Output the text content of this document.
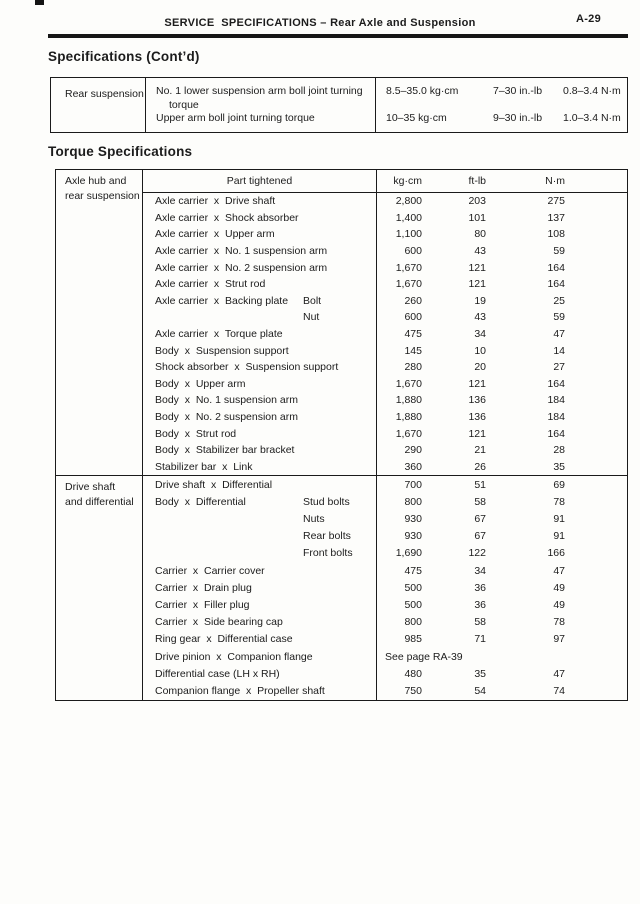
SERVICE  SPECIFICATIONS – Rear Axle and Suspension	A-29
Specifications (Cont’d)
Rear suspension No. 1 lower suspension arm boll joint turning
torque
8.5–35.0 kg·cm	7–30 in.-lb	0.8–3.4 N·m
Upper arm boll joint turning torque	10–35 kg·cm	9–30 in.-lb	1.0–3.4 N·m
Torque Specifications
Axle hub and
rear suspension
Part tightened	kg·cm	ft-lb	N·m
Axle carrier  x  Drive shaft	2,800	203	275
Axle carrier  x  Shock absorber	1,400	101	137
Axle carrier  x  Upper arm	1,100	80	108
Axle carrier  x  No. 1 suspension arm	600	43	59
Axle carrier  x  No. 2 suspension arm	1,670	121	164
Axle carrier  x  Strut rod	1,670	121	164
Axle carrier  x  Backing plate Bolt	260	19	25
Nut	600	43	59
Axle carrier  x  Torque plate	475	34	47
Body  x  Suspension support	145	10	14
Shock absorber  x  Suspension support	280	20	27
Body  x  Upper arm	1,670	121	164
Body  x  No. 1 suspension arm	1,880	136	184
Body  x  No. 2 suspension arm	1,880	136	184
Body  x  Strut rod	1,670	121	164
Body  x  Stabilizer bar bracket	290	21	28
Stabilizer bar  x  Link	360	26	35
Drive shaft
and differential
Drive shaft  x  Differential	700	51	69
Body  x  Differential	Stud bolts	800	58	78
Nuts	930	67	91
Rear bolts	930	67	91
Front bolts	1,690	122	166
Carrier  x  Carrier cover	475	34	47
Carrier  x  Drain plug	500	36	49
Carrier  x  Filler plug	500	36	49
Carrier  x  Side bearing cap	800	58	78
Ring gear  x  Differential case	985	71	97
Drive pinion  x  Companion flange	See page RA-39
Differential case (LH x RH)	480	35	47
Companion flange  x  Propeller shaft	750	54	74
